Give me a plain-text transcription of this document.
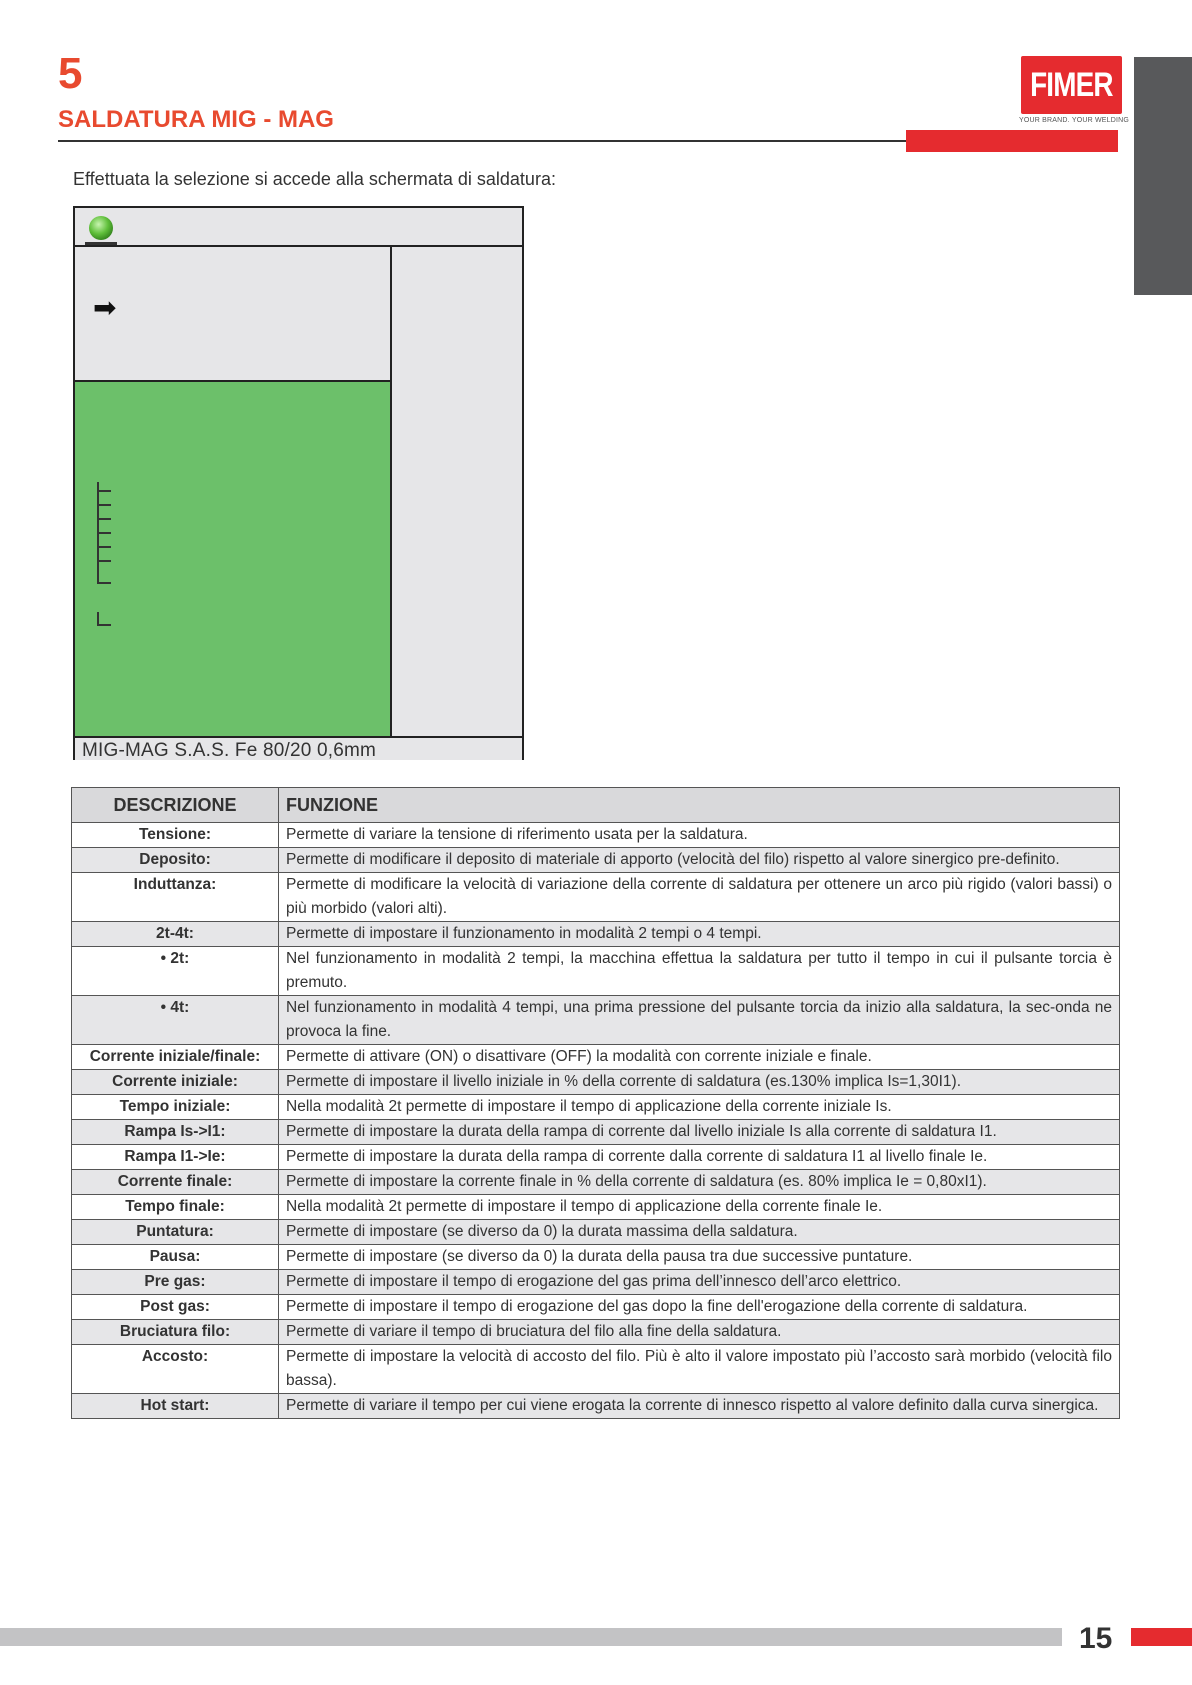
5
SALDATURA MIG - MAG
FIMER
YOUR BRAND. YOUR WELDING
Effettuata la selezione si accede alla schermata di saldatura:
➡
MIG-MAG S.A.S. Fe 80/20 0,6mm
DESCRIZIONE	FUNZIONE
Tensione:	Permette di variare la tensione di riferimento usata per la saldatura.
Deposito:	Permette di modificare il deposito di materiale di apporto (velocità del filo) rispetto al valore sinergico pre-definito.
Induttanza:	Permette di modificare la velocità di variazione della corrente di saldatura per ottenere un arco più rigido (valori bassi) o più morbido (valori alti).
2t-4t:	Permette di impostare il funzionamento in modalità 2 tempi o 4 tempi.
• 2t:	Nel funzionamento in modalità 2 tempi, la macchina effettua la saldatura per tutto il tempo in cui il pulsante torcia è premuto.
• 4t:	Nel funzionamento in modalità 4 tempi, una prima pressione del pulsante torcia da inizio alla saldatura, la sec-onda ne provoca la fine.
Corrente iniziale/finale:	Permette di attivare (ON) o disattivare (OFF) la modalità con corrente iniziale e finale.
Corrente iniziale:	Permette di impostare il livello iniziale in % della corrente di saldatura (es.130% implica Is=1,30I1).
Tempo iniziale:	Nella modalità 2t permette di impostare il tempo di applicazione della corrente iniziale Is.
Rampa Is->I1:	Permette di impostare la durata della rampa di corrente dal livello iniziale Is alla corrente di saldatura I1.
Rampa I1->Ie:	Permette di impostare la durata della rampa di corrente dalla corrente di saldatura I1 al livello finale Ie.
Corrente finale:	Permette di impostare la corrente finale in % della corrente di saldatura (es. 80% implica Ie = 0,80xI1).
Tempo finale:	Nella modalità 2t permette di impostare il tempo di applicazione della corrente finale Ie.
Puntatura:	Permette di impostare (se diverso da 0) la durata massima della saldatura.
Pausa:	Permette di impostare (se diverso da 0) la durata della pausa tra due successive puntature.
Pre gas:	Permette di impostare il tempo di erogazione del gas prima dell’innesco dell’arco elettrico.
Post gas:	Permette di impostare il tempo di erogazione del gas dopo la fine dell'erogazione della corrente di saldatura.
Bruciatura filo:	Permette di variare il tempo di bruciatura del filo alla fine della saldatura.
Accosto:	Permette di impostare la velocità di accosto del filo. Più è alto il valore impostato più l’accosto sarà morbido (velocità filo bassa).
Hot start:	Permette di variare il tempo per cui viene erogata la corrente di innesco rispetto al valore definito dalla curva sinergica.
15
